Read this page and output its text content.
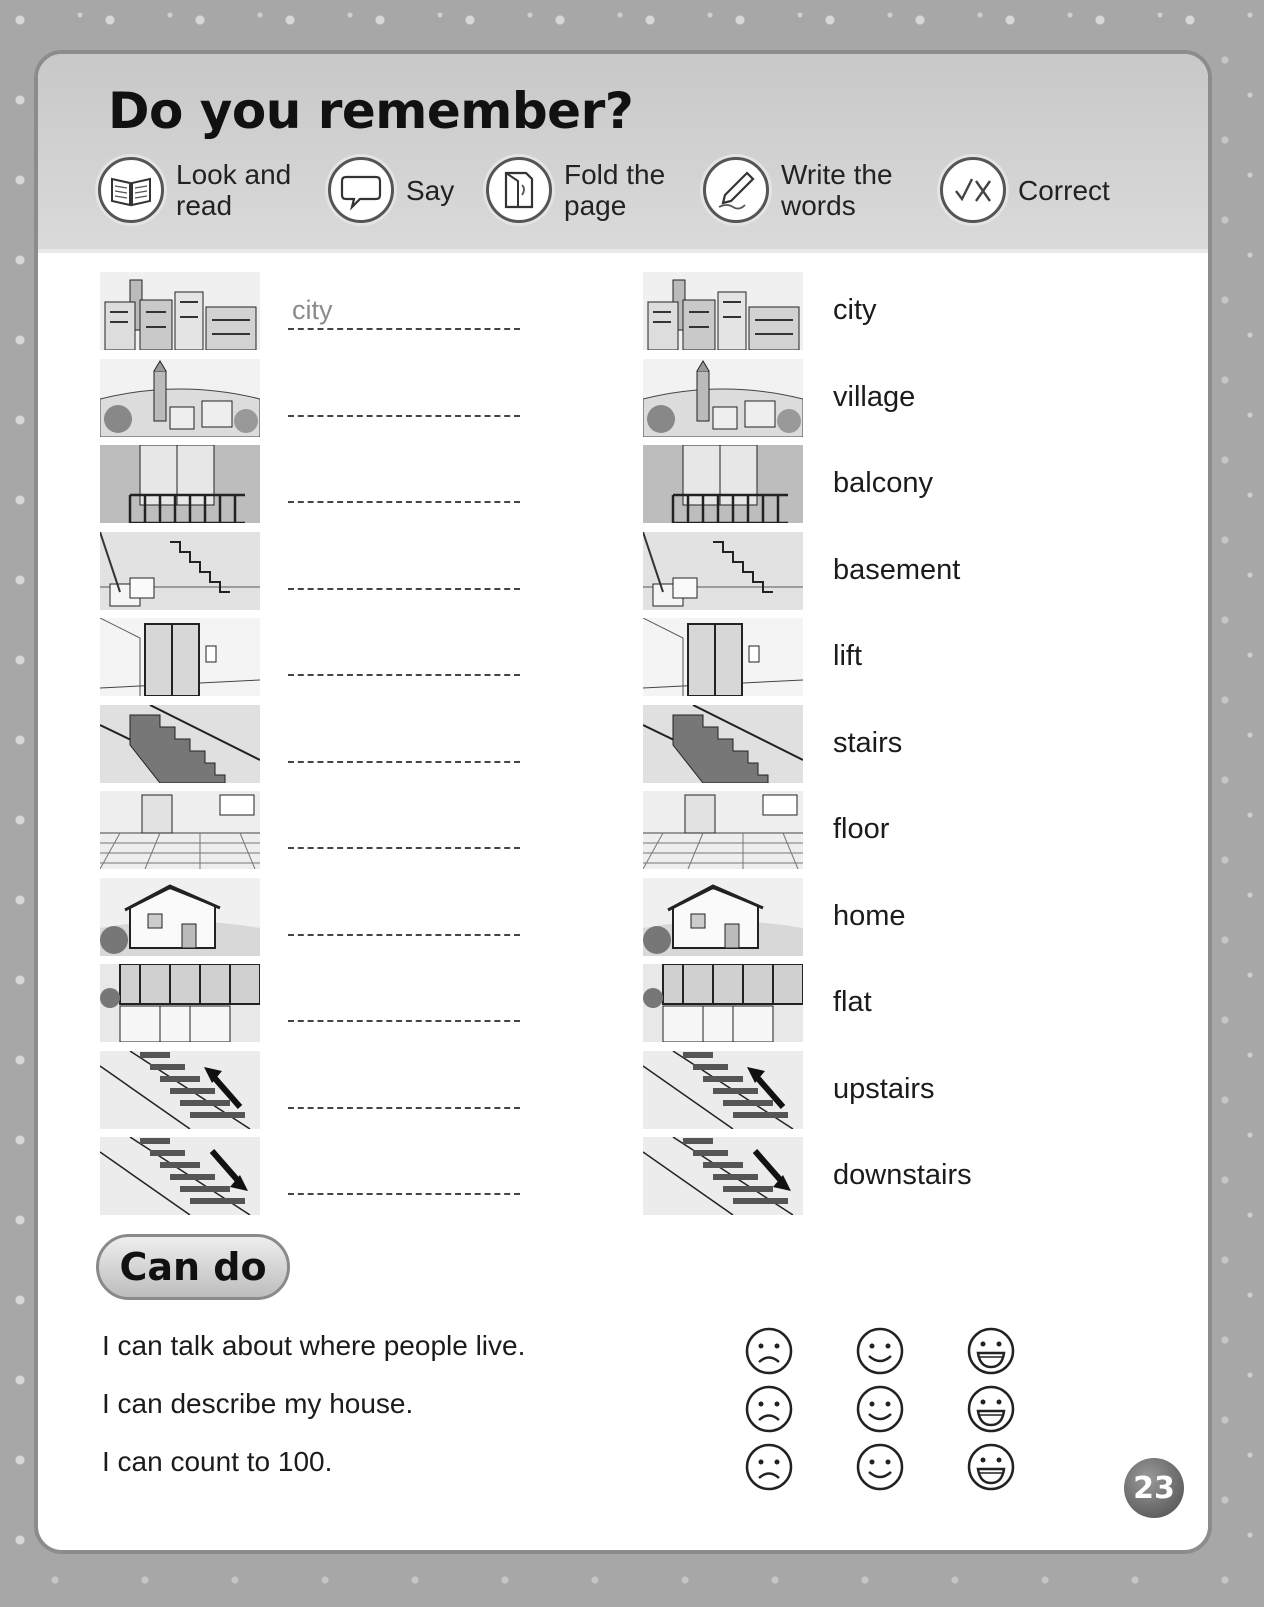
Do you remember?
Look and
read	Say	Fold the
page
Write the
words	Correct
city	city
village
balcony
basement
lift
stairs
floor
home
flat
upstairs
downstairs
Can do
I can talk about where people live.
I can describe my house.
I can count to 100.
23
